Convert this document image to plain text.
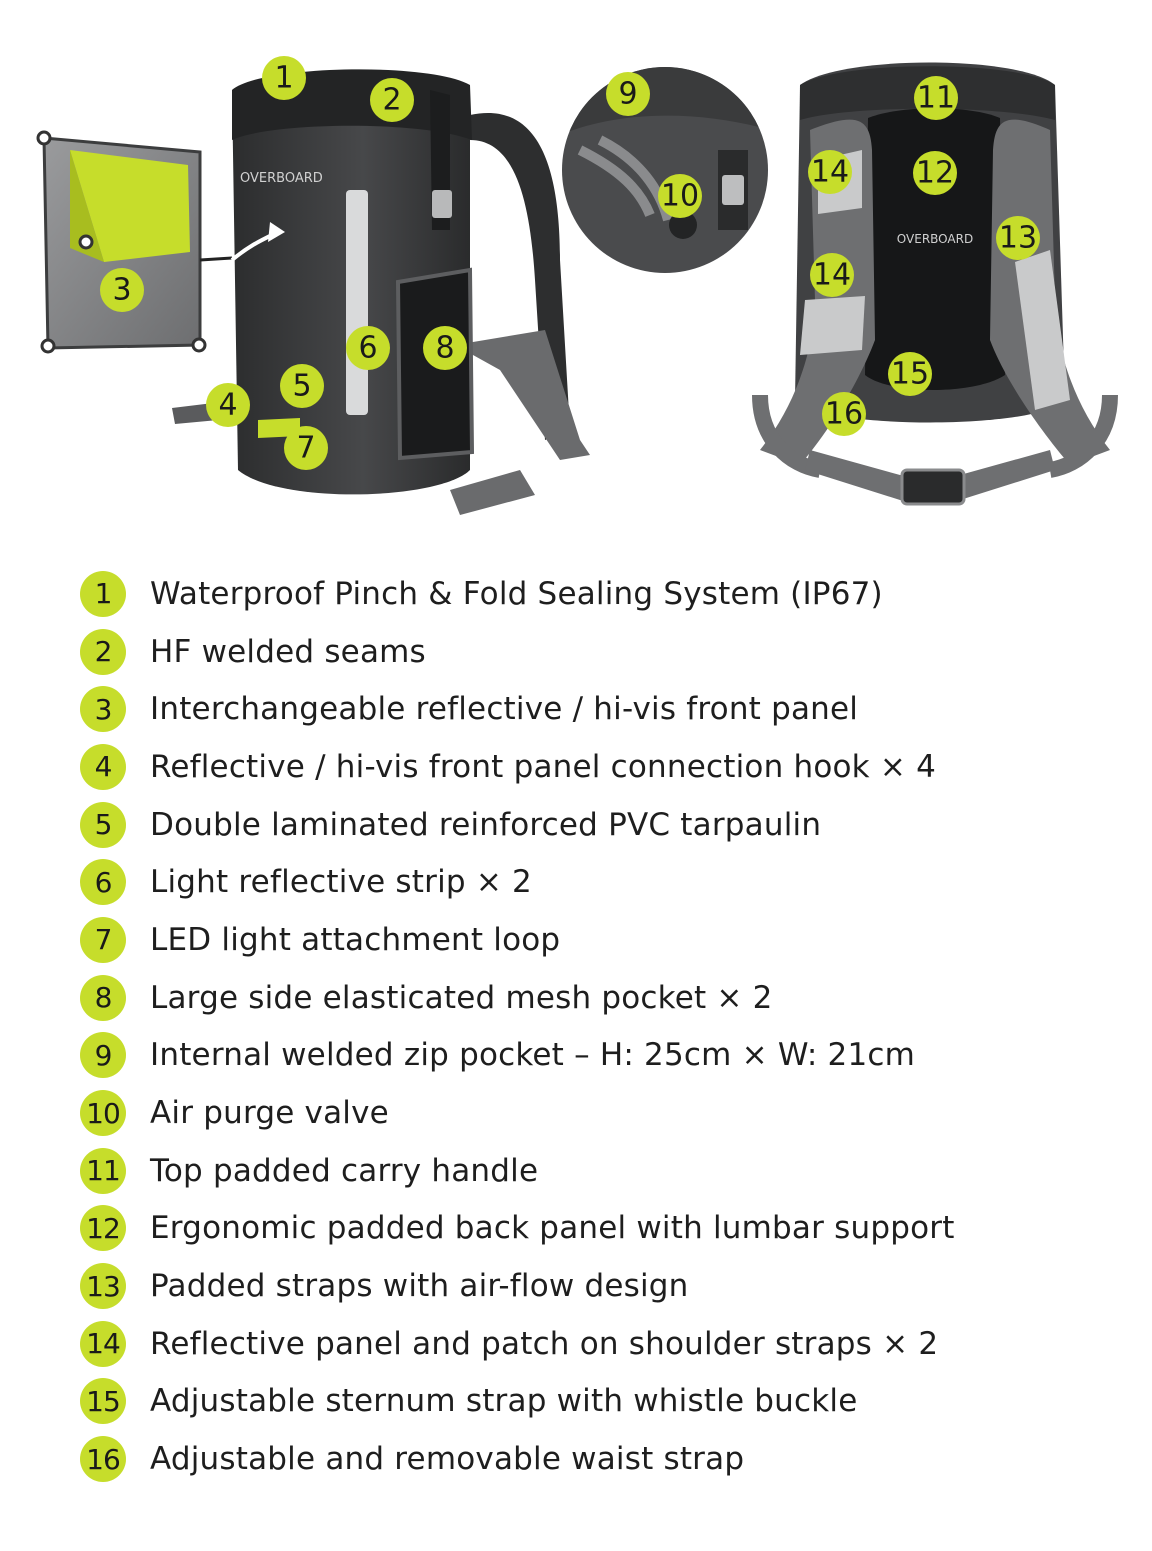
OVERBOARD
OVERBOARD
1
2
3
4
5
6
7
8
9
10
11
12
13
14
14
15
16
1	Waterproof Pinch & Fold Sealing System (IP67)
2	HF welded seams
3	Interchangeable reflective / hi-vis front panel
4	Reflective / hi-vis front panel connection hook × 4
5	Double laminated reinforced PVC tarpaulin
6	Light reflective strip × 2
7	LED light attachment loop
8	Large side elasticated mesh pocket × 2
9	Internal welded zip pocket – H: 25cm × W: 21cm
10 Air purge valve
11 Top padded carry handle
12 Ergonomic padded back panel with lumbar support
13 Padded straps with air-flow design
14 Reflective panel and patch on shoulder straps × 2
15 Adjustable sternum strap with whistle buckle
16 Adjustable and removable waist strap
